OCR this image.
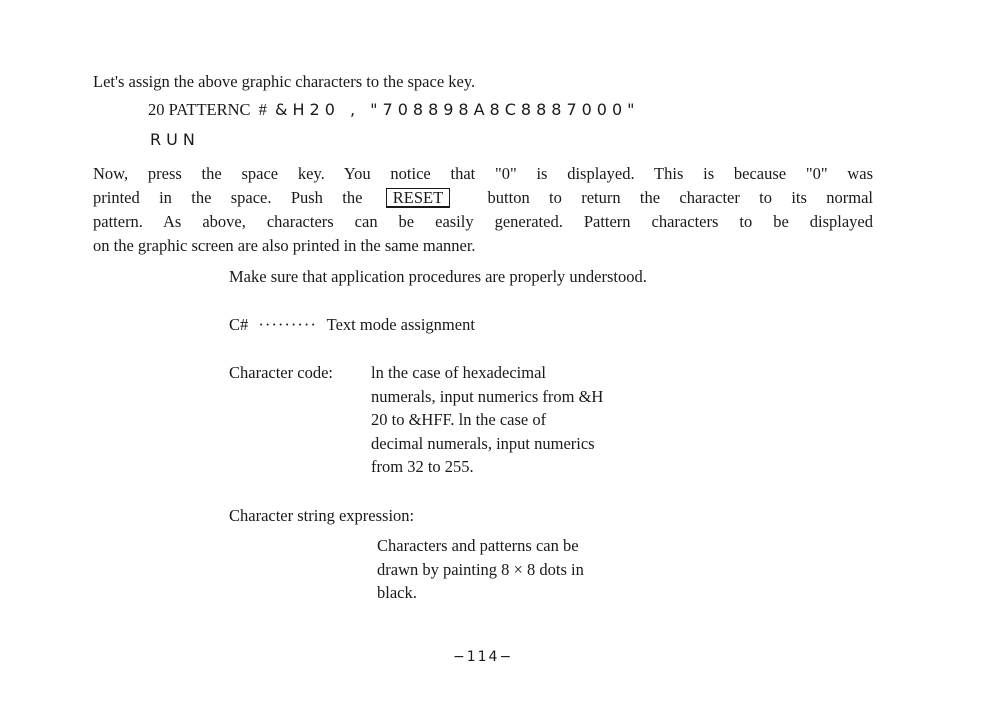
Let's assign the above graphic characters to the space key.
20 PATTERNC # &H20 , "708898A8C8887000"
RUN
Now, press the space key. You notice that "0" is displayed. This is because "0" was
printed in the space. Push the RESET	button to return the character to its normal
pattern. As above, characters can be easily generated. Pattern characters to be displayed
on the graphic screen are also printed in the same manner.
Make sure that application procedures are properly understood.
C# ········· Text mode assignment
Character code: ln the case of hexadecimal
numerals, input numerics from &H
20 to &HFF. ln the case of
decimal numerals, input numerics
from 32 to 255.
Character string expression:
Characters and patterns can be
drawn by painting 8 × 8 dots in
black.
−114−
